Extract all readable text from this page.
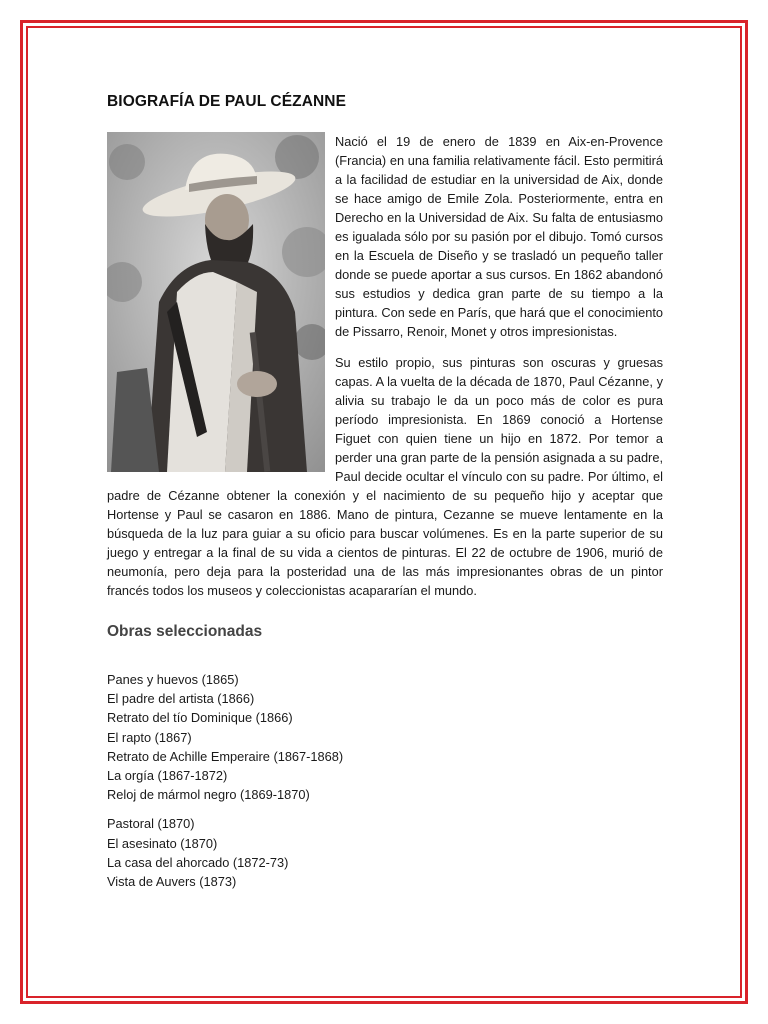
BIOGRAFÍA DE PAUL CÉZANNE

Nació el 19 de enero de 1839 en Aix-en-Provence (Francia) en una familia relativamente fácil. Esto permitirá a la facilidad de estudiar en la universidad de Aix, donde se hace amigo de Emile Zola. Posteriormente, entra en Derecho en la Universidad de Aix. Su falta de entusiasmo es igualada sólo por su pasión por el dibujo. Tomó cursos en la Escuela de Diseño y se trasladó un pequeño taller donde se puede aportar a sus cursos. En 1862 abandonó sus estudios y dedica gran parte de su tiempo a la pintura. Con sede en París, que hará que el conocimiento de Pissarro, Renoir, Monet y otros impresionistas.

Su estilo propio, sus pinturas son oscuras y gruesas capas. A la vuelta de la década de 1870, Paul Cézanne, y alivia su trabajo le da un poco más de color es pura período impresionista. En 1869 conoció a Hortense Figuet con quien tiene un hijo en 1872. Por temor a perder una gran parte de la pensión asignada a su padre, Paul decide ocultar el vínculo con su padre. Por último, el padre de Cézanne obtener la conexión y el nacimiento de su pequeño hijo y aceptar que Hortense y Paul se casaron en 1886. Mano de pintura, Cezanne se mueve lentamente en la búsqueda de la luz para guiar a su oficio para buscar volúmenes. Es en la parte superior de su juego y entregar a la final de su vida a cientos de pinturas. El 22 de octubre de 1906, murió de neumonía, pero deja para la posteridad una de las más impresionantes obras de un pintor francés todos los museos y coleccionistas acapararían el mundo.

Obras seleccionadas
Panes y huevos (1865)
El padre del artista (1866)
Retrato del tío Dominique (1866)
El rapto (1867)
Retrato de Achille Emperaire (1867-1868)
La orgía (1867-1872)
Reloj de mármol negro (1869-1870)
Pastoral (1870)
El asesinato (1870)
La casa del ahorcado (1872-73)
Vista de Auvers (1873)
